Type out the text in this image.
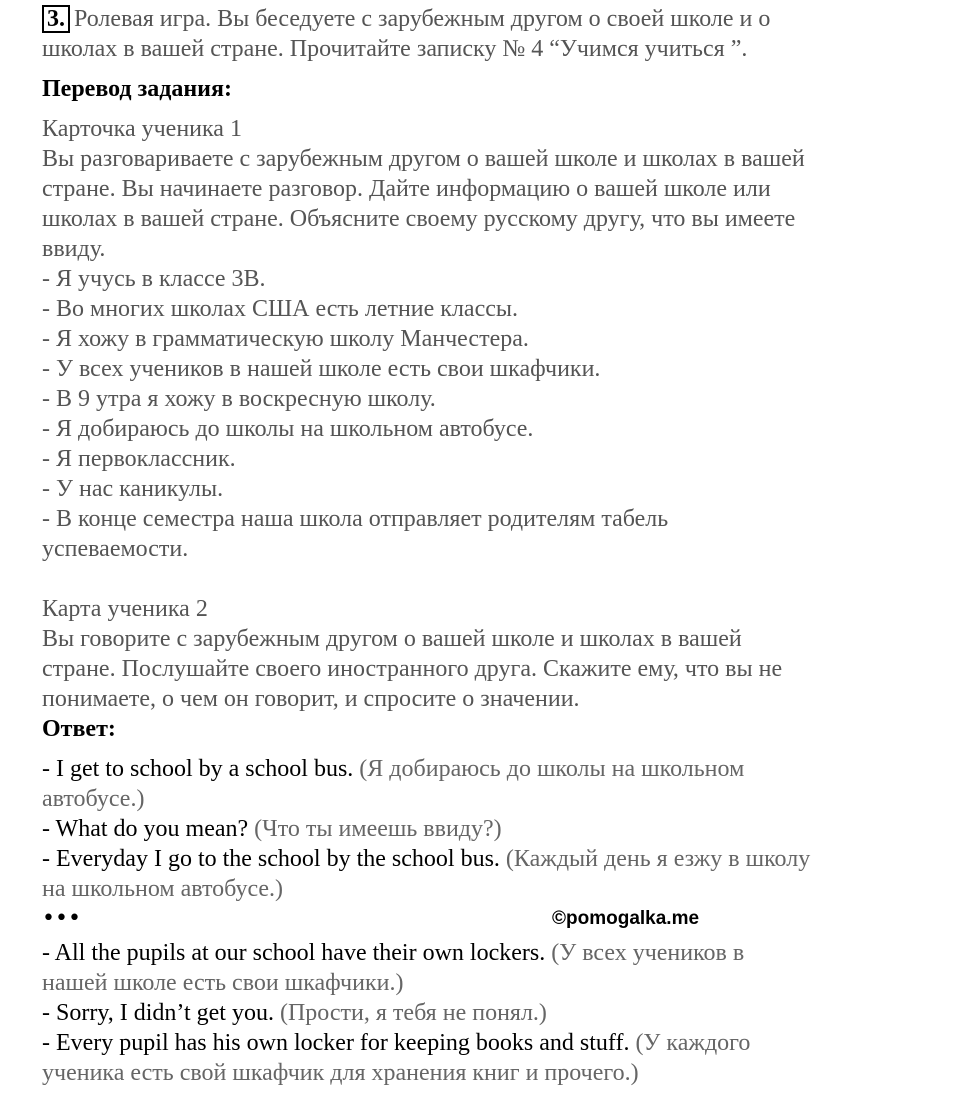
3. Ролевая игра. Вы беседуете с зарубежным другом о своей школе и о
школах в вашей стране. Прочитайте записку № 4 “Учимся учиться ”.
Перевод задания:
Карточка ученика 1
Вы разговариваете с зарубежным другом о вашей школе и школах в вашей
стране. Вы начинаете разговор. Дайте информацию о вашей школе или
школах в вашей стране. Объясните своему русскому другу, что вы имеете
ввиду.
- Я учусь в классе 3В.
- Во многих школах США есть летние классы.
- Я хожу в грамматическую школу Манчестера.
- У всех учеников в нашей школе есть свои шкафчики.
- В 9 утра я хожу в воскресную школу.
- Я добираюсь до школы на школьном автобусе.
- Я первоклассник.
- У нас каникулы.
- В конце семестра наша школа отправляет родителям табель
успеваемости.
Карта ученика 2
Вы говорите с зарубежным другом о вашей школе и школах в вашей
стране. Послушайте своего иностранного друга. Скажите ему, что вы не
понимаете, о чем он говорит, и спросите о значении.
Ответ:
- I get to school by a school bus. (Я добираюсь до школы на школьном
автобусе.)
- What do you mean? (Что ты имеешь ввиду?)
- Everyday I go to the school by the school bus. (Каждый день я езжу в школу
на школьном автобусе.)
•••	©pomogalka.me
- All the pupils at our school have their own lockers. (У всех учеников в
нашей школе есть свои шкафчики.)
- Sorry, I didn’t get you. (Прости, я тебя не понял.)
- Every pupil has his own locker for keeping books and stuff. (У каждого
ученика есть свой шкафчик для хранения книг и прочего.)
